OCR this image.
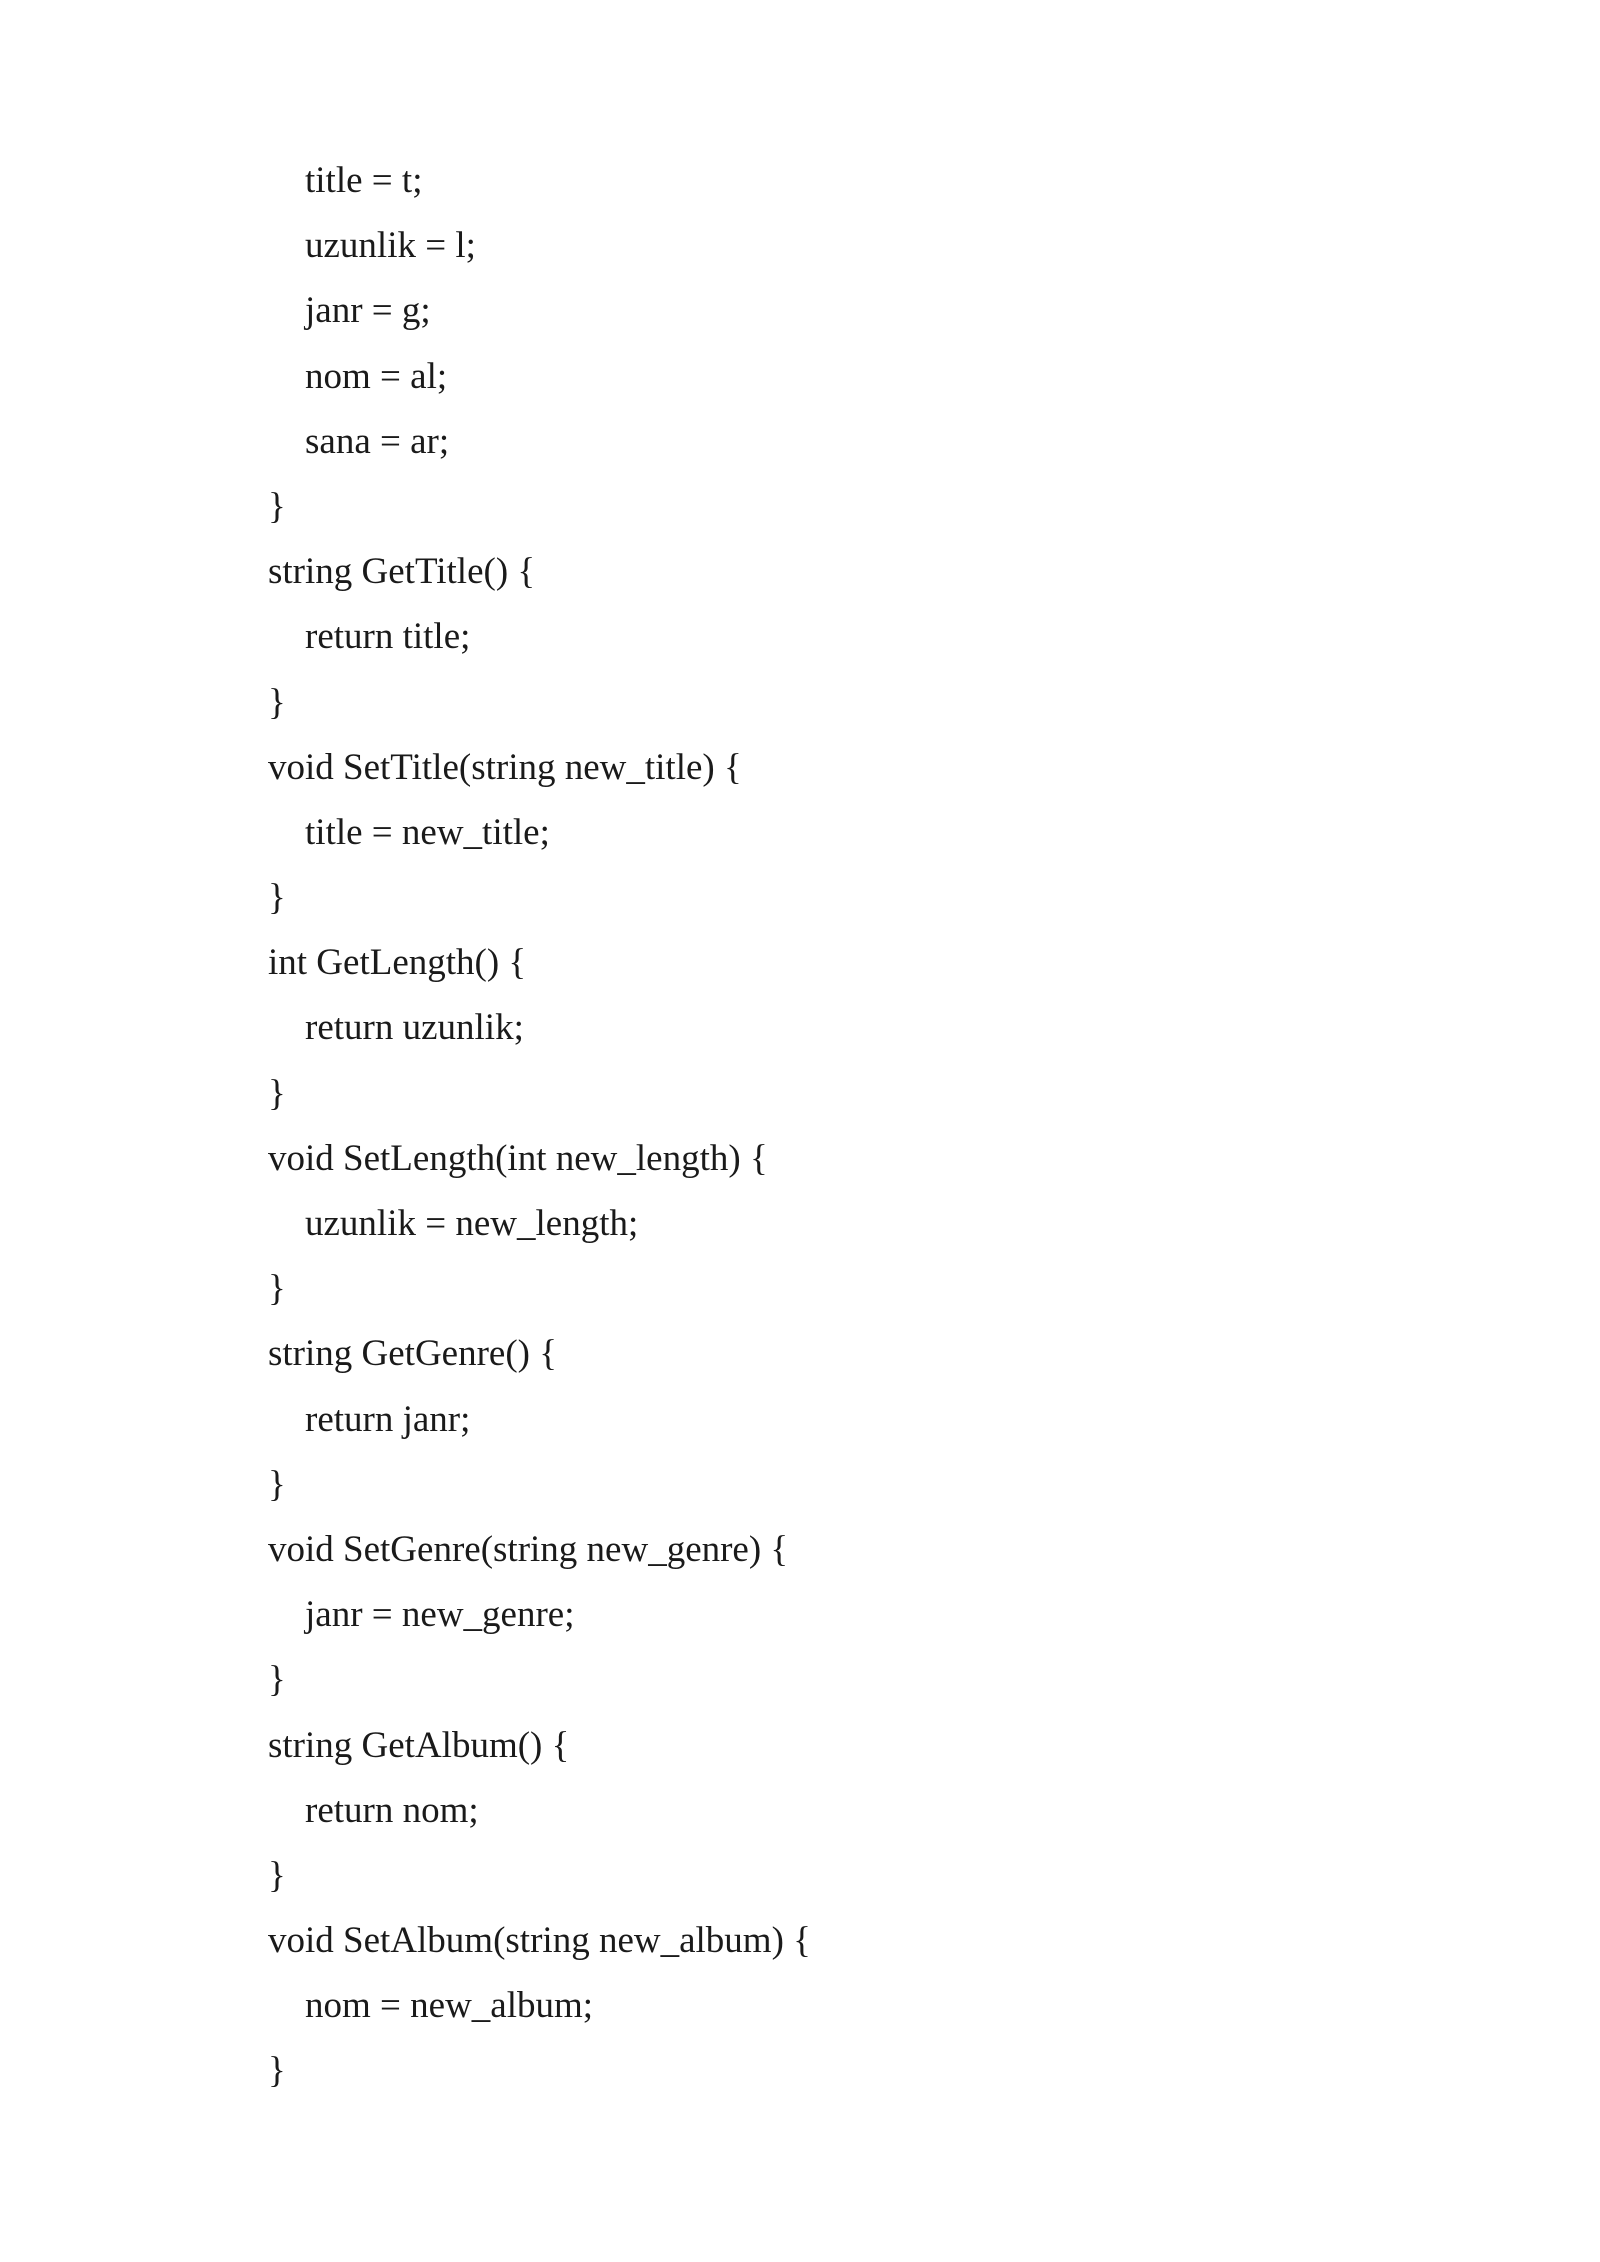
title = t;
uzunlik = l;
janr = g;
nom = al;
sana = ar;
}
string GetTitle() {
return title;
}
void SetTitle(string new_title) {
title = new_title;
}
int GetLength() {
return uzunlik;
}
void SetLength(int new_length) {
uzunlik = new_length;
}
string GetGenre() {
return janr;
}
void SetGenre(string new_genre) {
janr = new_genre;
}
string GetAlbum() {
return nom;
}
void SetAlbum(string new_album) {
nom = new_album;
}
